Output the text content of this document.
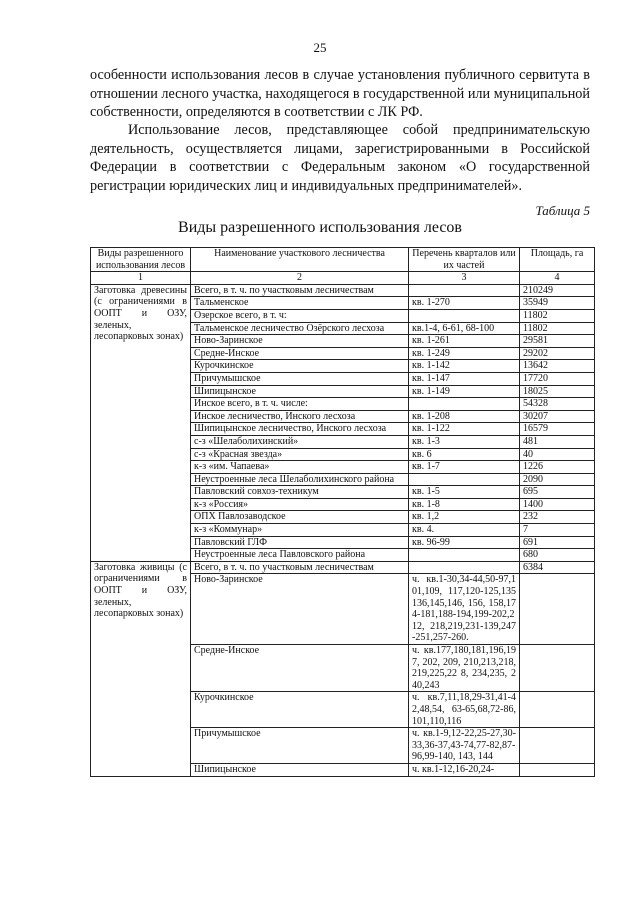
25

особенности использования лесов в случае установления публичного сервитута в отношении лесного участка, находящегося в государственной или муниципальной собственности, определяются в соответствии с ЛК РФ.

Использование лесов, представляющее собой предпринимательскую деятельность, осуществляется лицами, зарегистрированными в Российской Федерации в соответствии с Федеральным законом «О государственной регистрации юридических лиц и индивидуальных предпринимателей».

Таблица 5
Виды разрешенного использования лесов
Виды разрешенного использования лесов	Наименование участкового лесничества	Перечень кварталов или их частей	Площадь, га
1	2	3	4
Заготовка древесины (с ограничениями в ООПТ и ОЗУ, зеленых, лесопарковых зонах)	Всего, в т. ч. по участковым лесничествам		210249
	Тальменское	кв. 1-270	35949
	Озерское всего, в т. ч:		11802
	Тальменское лесничество Озёрского лесхоза	кв.1-4, 6-61, 68-100	11802
	Ново-Заринское	кв. 1-261	29581
	Средне-Инское	кв. 1-249	29202
	Курочкинское	кв. 1-142	13642
	Причумышское	кв. 1-147	17720
	Шипицынское	кв. 1-149	18025
	Инское всего, в т. ч. числе:		54328
	Инское лесничество, Инского лесхоза	кв. 1-208	30207
	Шипицынское лесничество, Инского лесхоза	кв. 1-122	16579
	с-з «Шелаболихинский»	кв. 1-3	481
	с-з «Красная звезда»	кв. 6	40
	к-з «им. Чапаева»	кв. 1-7	1226
	Неустроенные леса Шелаболихинского района		2090
	Павловский совхоз-техникум	кв. 1-5	695
	к-з «Россия»	кв. 1-8	1400
	ОПХ Павлозаводское	кв. 1,2	232
	к-з «Коммунар»	кв. 4.	7
	Павловский ГЛФ	кв. 96-99	691
	Неустроенные леса Павловского района		680
Заготовка живицы (с ограничениями в ООПТ и ОЗУ, зеленых, лесопарковых зонах)	Всего, в т. ч. по участковым лесничествам		6384
	Ново-Заринское	ч. кв.1-30,34-44,50-97,101,109, 117,120-125,135136,145,146, 156, 158,174-181,188-194,199-202,212, 218,219,231-139,247-251,257-260.	
	Средне-Инское	ч. кв.177,180,181,196,197, 202, 209, 210,213,218,219,225,22 8, 234,235, 240,243	
	Курочкинское	ч. кв.7,11,18,29-31,41-42,48,54, 63-65,68,72-86,101,110,116	
	Причумышское	ч. кв.1-9,12-22,25-27,30-33,36-37,43-74,77-82,87-96,99-140, 143, 144	
	Шипицынское	ч. кв.1-12,16-20,24-	
